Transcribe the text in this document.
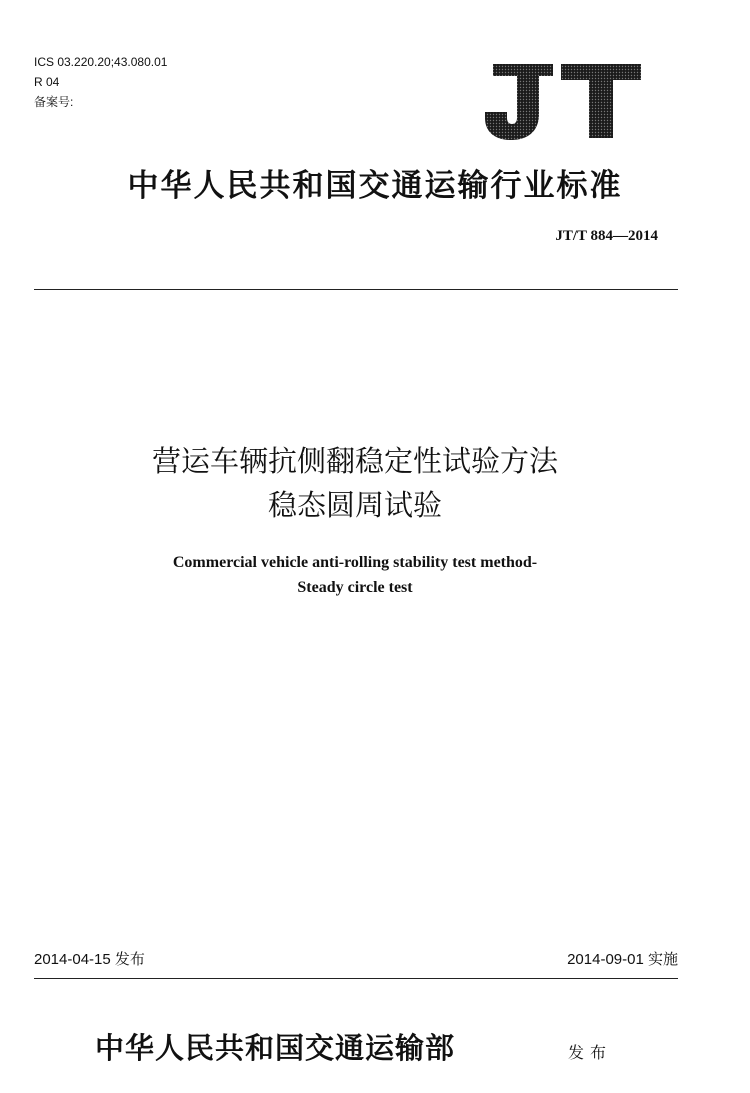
ICS 03.220.20;43.080.01
R 04
备案号:
中华人民共和国交通运输行业标准
JT/T 884—2014
营运车辆抗侧翻稳定性试验方法
稳态圆周试验
Commercial vehicle anti-rolling stability test method-
Steady circle test
2014-04-15 发布	2014-09-01 实施
中华人民共和国交通运输部	发布
